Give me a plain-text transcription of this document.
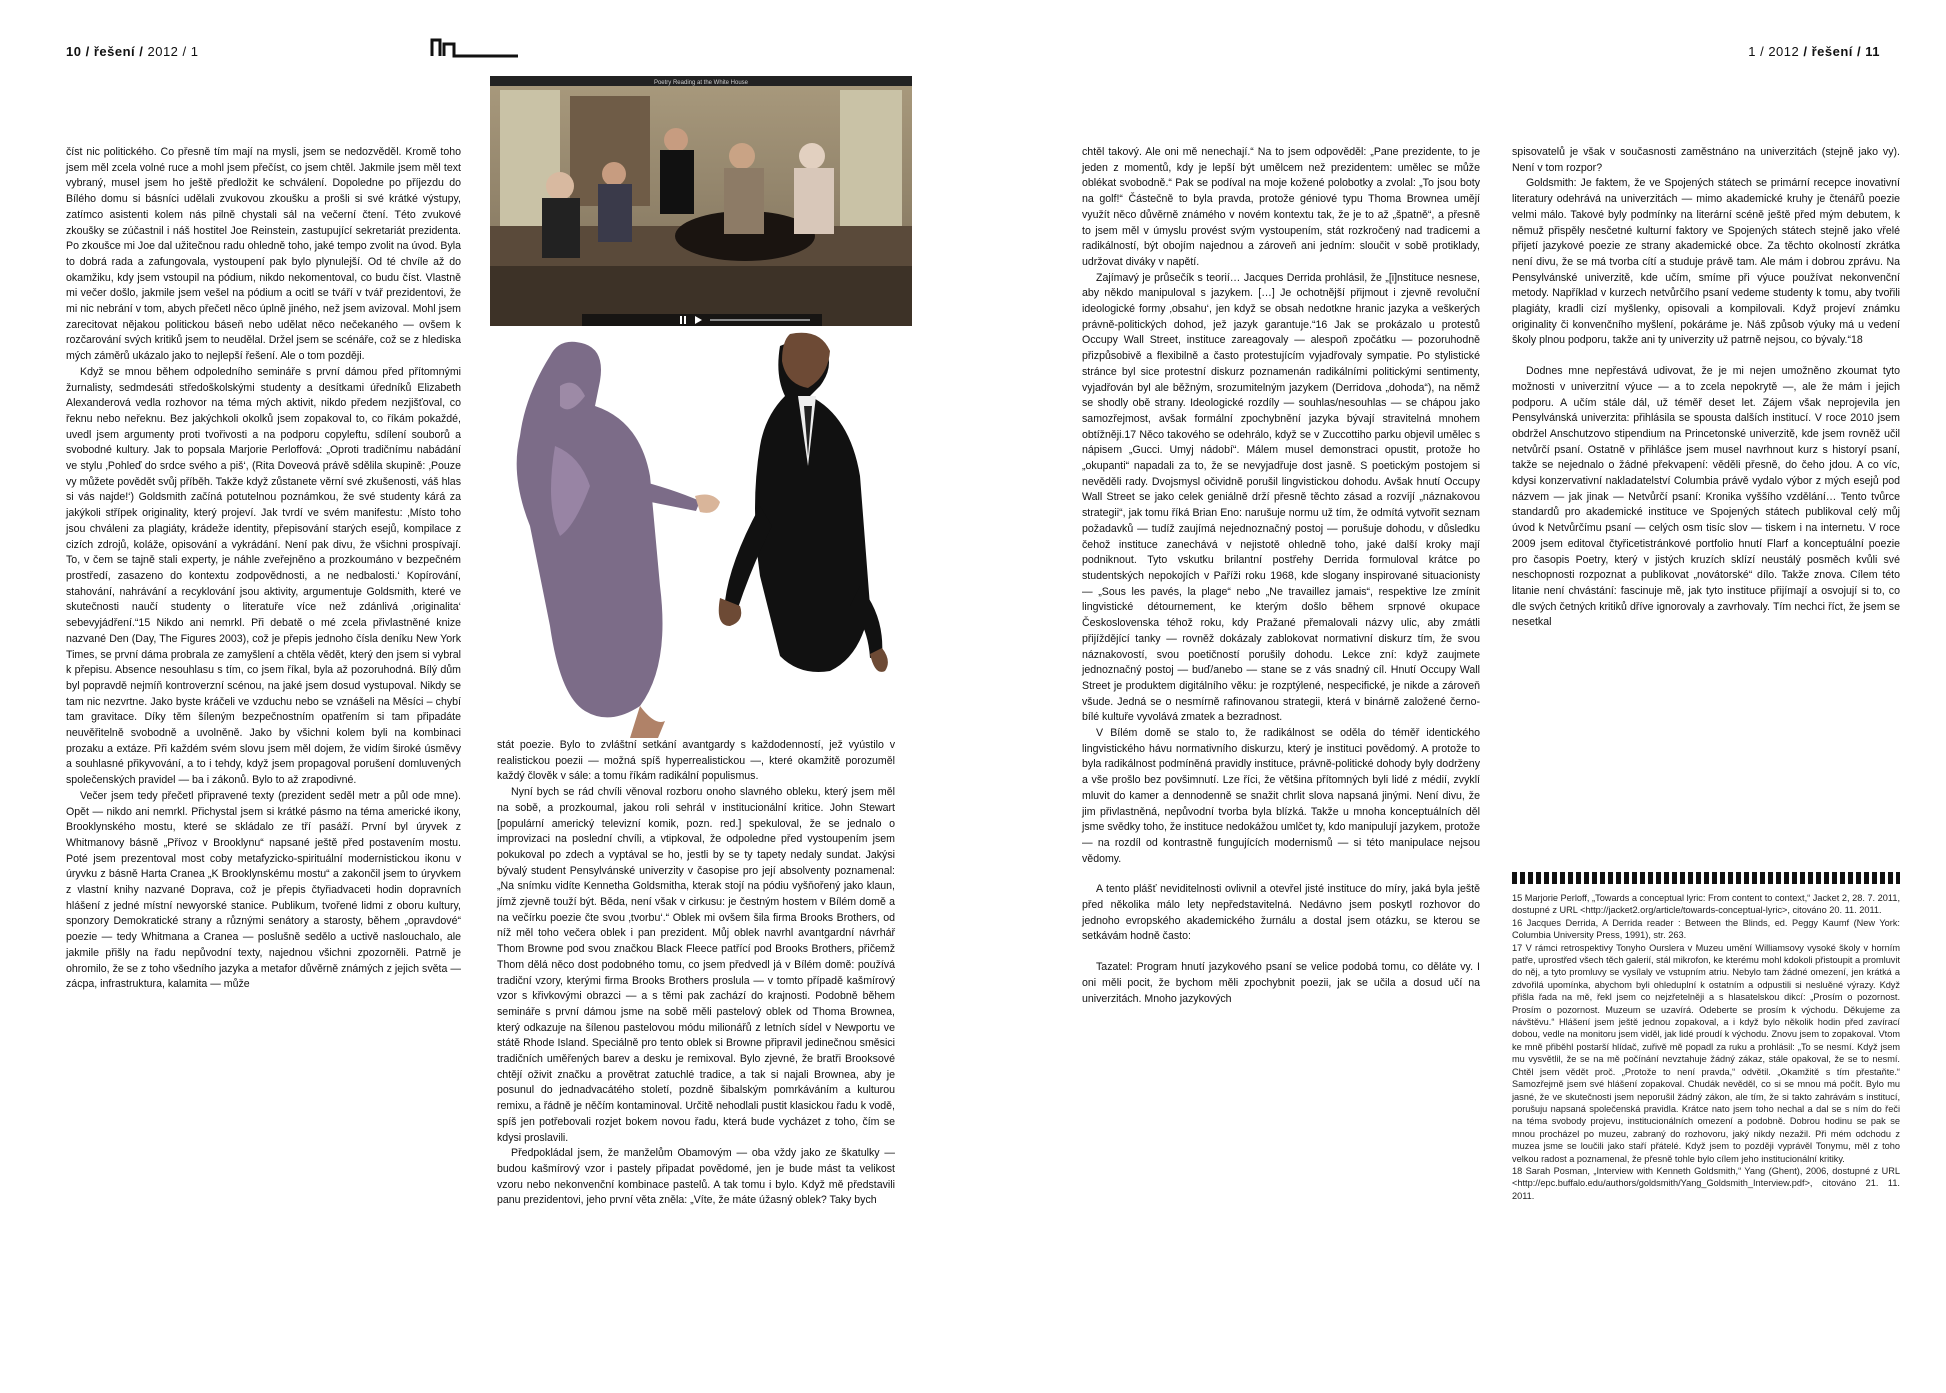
10 / řešení / 2012 / 1	1 / 2012 / řešení / 11
Poetry Reading at the White House

číst nic politického. Co přesně tím mají na mysli, jsem se nedozvěděl. Kromě toho jsem měl zcela volné ruce a mohl jsem přečíst, co jsem chtěl. Jakmile jsem měl text vybraný, musel jsem ho ještě předložit ke schválení. Dopoledne po příjezdu do Bílého domu si básníci udělali zvukovou zkoušku a prošli si své krátké výstupy, zatímco asistenti kolem nás pilně chystali sál na večerní čtení. Této zvukové zkoušky se zúčastnil i náš hostitel Joe Reinstein, zastupující sekretariát prezidenta. Po zkoušce mi Joe dal užitečnou radu ohledně toho, jaké tempo zvolit na úvod. Byla to dobrá rada a zafungovala, vystoupení pak bylo plynulejší. Od té chvíle až do okamžiku, kdy jsem vstoupil na pódium, nikdo nekomentoval, co budu číst. Vlastně mi večer došlo, jakmile jsem vešel na pódium a ocitl se tváří v tvář prezidentovi, že mi nic nebrání v tom, abych přečetl něco úplně jiného, než jsem avizoval. Mohl jsem zarecitovat nějakou politickou báseň nebo udělat něco nečekaného — ovšem k rozčarování svých kritiků jsem to neudělal. Držel jsem se scénáře, což se z hlediska mých záměrů ukázalo jako to nejlepší řešení. Ale o tom později.

Když se mnou během odpoledního semináře s první dámou před přítomnými žurnalisty, sedmdesáti středoškolskými studenty a desítkami úředníků Elizabeth Alexanderová vedla rozhovor na téma mých aktivit, nikdo předem nezjišťoval, co řeknu nebo neřeknu. Bez jakýchkoli okolků jsem zopakoval to, co říkám pokaždé, uvedl jsem argumenty proti tvořivosti a na podporu copyleftu, sdílení souborů a svobodné kultury. Jak to popsala Marjorie Perloffová: „Oproti tradičnímu nabádání ve stylu ‚Pohleď do srdce svého a piš‘, (Rita Doveová právě sdělila skupině: ‚Pouze vy můžete povědět svůj příběh. Takže když zůstanete věrní své zkušenosti, váš hlas si vás najde!‘) Goldsmith začíná potutelnou poznámkou, že své studenty kárá za jakýkoli střípek originality, který projeví. Jak tvrdí ve svém manifestu: ‚Místo toho jsou chváleni za plagiáty, krádeže identity, přepisování starých esejů, kompilace z cizích zdrojů, koláže, opisování a vykrádání. Není pak divu, že všichni prospívají. To, v čem se tajně stali experty, je náhle zveřejněno a prozkoumáno v bezpečném prostředí, zasazeno do kontextu zodpovědnosti, a ne nedbalosti.‘ Kopírování, stahování, nahrávání a recyklování jsou aktivity, argumentuje Goldsmith, které ve skutečnosti naučí studenty o literatuře více než zdánlivá ‚originalita‘ sebevyjádření.“15 Nikdo ani nemrkl. Při debatě o mé zcela přivlastněné knize nazvané Den (Day, The Figures 2003), což je přepis jednoho čísla deníku New York Times, se první dáma probrala ze zamyšlení a chtěla vědět, který den jsem si vybral k přepisu. Absence nesouhlasu s tím, co jsem říkal, byla až pozoruhodná. Bílý dům byl popravdě nejmíň kontroverzní scénou, na jaké jsem dosud vystupoval. Nikdy se tam nic nezvrtne. Jako byste kráčeli ve vzduchu nebo se vznášeli na Měsíci – chybí tam gravitace. Díky těm šíleným bezpečnostním opatřením si tam připadáte neuvěřitelně svobodně a uvolněně. Jako by všichni kolem byli na kombinaci prozaku a extáze. Při každém svém slovu jsem měl dojem, že vidím široké úsměvy a souhlasné přikyvování, a to i tehdy, když jsem propagoval porušení domluvených společenských pravidel — ba i zákonů. Bylo to až zrapodivné.

Večer jsem tedy přečetl připravené texty (prezident seděl metr a půl ode mne). Opět — nikdo ani nemrkl. Přichystal jsem si krátké pásmo na téma americké ikony, Brooklynského mostu, které se skládalo ze tří pasáží. První byl úryvek z Whitmanovy básně „Přívoz v Brooklynu“ napsané ještě před postavením mostu. Poté jsem prezentoval most coby metafyzicko-spirituální modernistickou ikonu v úryvku z básně Harta Cranea „K Brooklynskému mostu“ a zakončil jsem to úryvkem z vlastní knihy nazvané Doprava, což je přepis čtyřiadvaceti hodin dopravních hlášení z jedné místní newyorské stanice. Publikum, tvořené lidmi z oboru kultury, sponzory Demokratické strany a různými senátory a starosty, během „opravdové“ poezie — tedy Whitmana a Cranea — poslušně sedělo a uctivě naslouchalo, ale jakmile přišly na řadu nepůvodní texty, najednou všichni zpozorněli. Patrně je ohromilo, že se z toho všedního jazyka a metafor důvěrně známých z jejich světa — zácpa, infrastruktura, kalamita — může

stát poezie. Bylo to zvláštní setkání avantgardy s každodenností, jež vyústilo v realistickou poezii — možná spíš hyperrealistickou —, které okamžitě porozuměl každý člověk v sále: a tomu říkám radikální populismus.

Nyní bych se rád chvíli věnoval rozboru onoho slavného obleku, který jsem měl na sobě, a prozkoumal, jakou roli sehrál v institucionální kritice. John Stewart [populární americký televizní komik, pozn. red.] spekuloval, že se jednalo o improvizaci na poslední chvíli, a vtipkoval, že odpoledne před vystoupením jsem pokukoval po zdech a vyptával se ho, jestli by se ty tapety nedaly sundat. Jakýsi bývalý student Pensylvánské univerzity v časopise pro její absolventy poznamenal: „Na snímku vidíte Kennetha Goldsmitha, kterak stojí na pódiu vyšňořený jako klaun, jímž zjevně touží být. Běda, není však v cirkusu: je čestným hostem v Bílém domě a na večírku poezie čte svou ‚tvorbu‘.“ Oblek mi ovšem šila firma Brooks Brothers, od níž měl toho večera oblek i pan prezident. Můj oblek navrhl avantgardní návrhář Thom Browne pod svou značkou Black Fleece patřící pod Brooks Brothers, přičemž Thom dělá něco dost podobného tomu, co jsem předvedl já v Bílém domě: používá tradiční vzory, kterými firma Brooks Brothers proslula — v tomto případě kašmírový vzor s křivkovými obrazci — a s těmi pak zachází do krajnosti. Podobně během semináře s první dámou jsme na sobě měli pastelový oblek od Thoma Brownea, který odkazuje na šílenou pastelovou módu milionářů z letních sídel v Newportu ve státě Rhode Island. Speciálně pro tento oblek si Browne připravil jedinečnou směsici tradičních uměřených barev a desku je remixoval. Bylo zjevné, že bratři Brooksové chtějí oživit značku a provětrat zatuchlé tradice, a tak si najali Brownea, aby je posunul do jednadvacátého století, pozdně šibalským pomrkáváním a kulturou remixu, a řádně je něčím kontaminoval. Určitě nehodlali pustit klasickou řadu k vodě, spíš jen potřebovali rozjet bokem novou řadu, která bude vycházet z toho, čím se kdysi proslavili.

Předpokládal jsem, že manželům Obamovým — oba vždy jako ze škatulky — budou kašmírový vzor i pastely připadat povědomé, jen je bude mást ta velikost vzoru nebo nekonvenční kombinace pastelů. A tak tomu i bylo. Když mě představili panu prezidentovi, jeho první věta zněla: „Víte, že máte úžasný oblek? Taky bych

chtěl takový. Ale oni mě nenechají.“ Na to jsem odpověděl: „Pane prezidente, to je jeden z momentů, kdy je lepší být umělcem než prezidentem: umělec se může oblékat svobodně.“ Pak se podíval na moje kožené polobotky a zvolal: „To jsou boty na golf!“ Částečně to byla pravda, protože géniové typu Thoma Brownea umějí využít něco důvěrně známého v novém kontextu tak, že je to až „špatně“, a přesně to jsem měl v úmyslu provést svým vystoupením, stát rozkročený nad tradicemi a radikálností, být obojím najednou a zároveň ani jedním: sloučit v sobě protiklady, udržovat diváky v napětí.

Zajímavý je průsečík s teorií… Jacques Derrida prohlásil, že „[i]nstituce nesnese, aby někdo manipuloval s jazykem. […] Je ochotnější přijmout i zjevně revoluční ideologické formy ‚obsahu‘, jen když se obsah nedotkne hranic jazyka a veškerých právně-politických dohod, jež jazyk garantuje.“16 Jak se prokázalo u protestů Occupy Wall Street, instituce zareagovaly — alespoň zpočátku — pozoruhodně přizpůsobivě a flexibilně a často protestujícím vyjadřovaly sympatie. Po stylistické stránce byl sice protestní diskurz poznamenán radikálními politickými sentimenty, vyjadřován byl ale běžným, srozumitelným jazykem (Derridova „dohoda“), na němž se shodly obě strany. Ideologické rozdíly — souhlas/nesouhlas — se chápou jako samozřejmost, avšak formální zpochybnění jazyka bývají stravitelná mnohem obtížněji.17 Něco takového se odehrálo, když se v Zuccottiho parku objevil umělec s nápisem „Gucci. Umyj nádobí“. Málem musel demonstraci opustit, protože ho „okupanti“ napadali za to, že se nevyjadřuje dost jasně. S poetickým postojem si nevěděli rady. Dvojsmysl očividně porušil lingvistickou dohodu. Avšak hnutí Occupy Wall Street se jako celek geniálně drží přesně těchto zásad a rozvíjí „náznakovou strategii“, jak tomu říká Brian Eno: narušuje normu už tím, že odmítá vytvořit seznam požadavků — tudíž zaujímá nejednoznačný postoj — porušuje dohodu, v důsledku čehož instituce zanechává v nejistotě ohledně toho, jaké další kroky mají podniknout. Tyto vskutku brilantní postřehy Derrida formuloval krátce po studentských nepokojích v Paříži roku 1968, kde slogany inspirované situacionisty — „Sous les pavés, la plage“ nebo „Ne travaillez jamais“, respektive lze zmínit lingvistické détournement, ke kterým došlo během srpnové okupace Československa téhož roku, kdy Pražané přemalovali názvy ulic, aby zmátli přijíždějící tanky — rovněž dokázaly zablokovat normativní diskurz tím, že svou náznakovostí, svou poetičností porušily dohodu. Lekce zní: když zaujmete jednoznačný postoj — buď/anebo — stane se z vás snadný cíl. Hnutí Occupy Wall Street je produktem digitálního věku: je rozptýlené, nespecifické, je nikde a zároveň všude. Jedná se o nesmírně rafinovanou strategii, která v binárně založené černo-bílé kultuře vyvolává zmatek a bezradnost.

V Bílém domě se stalo to, že radikálnost se oděla do téměř identického lingvistického hávu normativního diskurzu, který je instituci povědomý. A protože to byla radikálnost podmíněná pravidly instituce, právně-politické dohody byly dodrženy a vše prošlo bez povšimnutí. Lze říci, že většina přítomných byli lidé z médií, zvyklí mluvit do kamer a dennodenně se snažit chrlit slova napsaná jinými. Není divu, že jim přivlastněná, nepůvodní tvorba byla blízká. Takže u mnoha konceptuálních děl jsme svědky toho, že instituce nedokážou umlčet ty, kdo manipulují jazykem, protože — na rozdíl od kontrastně fungujících modernismů — si této manipulace nejsou vědomy.

A tento plášť neviditelnosti ovlivnil a otevřel jisté instituce do míry, jaká byla ještě před několika málo lety nepředstavitelná. Nedávno jsem poskytl rozhovor do jednoho evropského akademického žurnálu a dostal jsem otázku, se kterou se setkávám hodně často:

Tazatel: Program hnutí jazykového psaní se velice podobá tomu, co děláte vy. I oni měli pocit, že bychom měli zpochybnit poezii, jak se učila a dosud učí na univerzitách. Mnoho jazykových

spisovatelů je však v současnosti zaměstnáno na univerzitách (stejně jako vy). Není v tom rozpor?

Goldsmith: Je faktem, že ve Spojených státech se primární recepce inovativní literatury odehrává na univerzitách — mimo akademické kruhy je čtenářů poezie velmi málo. Takové byly podmínky na literární scéně ještě před mým debutem, k němuž přispěly nesčetné kulturní faktory ve Spojených státech stejně jako vřelé přijetí jazykové poezie ze strany akademické obce. Za těchto okolností zkrátka není divu, že se má tvorba cítí a studuje právě tam. Ale mám i dobrou zprávu. Na Pensylvánské univerzitě, kde učím, smíme při výuce používat nekonvenční metody. Například v kurzech netvůrčího psaní vedeme studenty k tomu, aby tvořili plagiáty, kradli cizí myšlenky, opisovali a kompilovali. Když projeví známku originality či konvenčního myšlení, pokáráme je. Náš způsob výuky má u vedení školy plnou podporu, takže ani ty univerzity už patrně nejsou, co bývaly.“18

Dodnes mne nepřestává udivovat, že je mi nejen umožněno zkoumat tyto možnosti v univerzitní výuce — a to zcela nepokrytě —, ale že mám i jejich podporu. A učím stále dál, už téměř deset let. Zájem však neprojevila jen Pensylvánská univerzita: přihlásila se spousta dalších institucí. V roce 2010 jsem obdržel Anschutzovo stipendium na Princetonské univerzitě, kde jsem rovněž učil netvůrčí psaní. Ostatně v přihlášce jsem musel navrhnout kurz s historyí psaní, takže se nejednalo o žádné překvapení: věděli přesně, do čeho jdou. A co víc, kdysi konzervativní nakladatelství Columbia právě vydalo výbor z mých esejů pod názvem — jak jinak — Netvůrčí psaní: Kronika vyššího vzdělání… Tento tvůrce standardů pro akademické instituce ve Spojených státech publikoval celý můj úvod k Netvůrčímu psaní — celých osm tisíc slov — tiskem i na internetu. V roce 2009 jsem editoval čtyřicetistránkové portfolio hnutí Flarf a konceptuální poezie pro časopis Poetry, který v jistých kruzích sklízí neustálý posměch kvůli své neschopnosti rozpoznat a publikovat „novátorské“ dílo. Takže znova. Cílem této litanie není chvástání: fascinuje mě, jak tyto instituce přijímají a osvojují si to, co dle svých četných kritiků dříve ignorovaly a zavrhovaly. Tím nechci říct, že jsem se nesetkal

15 Marjorie Perloff, „Towards a conceptual lyric: From content to context,“ Jacket 2, 28. 7. 2011, dostupné z URL <http://jacket2.org/article/towards-conceptual-lyric>, citováno 20. 11. 2011.

16 Jacques Derrida, A Derrida reader : Between the Blinds, ed. Peggy Kaumf (New York: Columbia University Press, 1991), str. 263.

17 V rámci retrospektivy Tonyho Ourslera v Muzeu umění Williamsovy vysoké školy v horním patře, uprostřed všech těch galerií, stál mikrofon, ke kterému mohl kdokoli přistoupit a promluvit do něj, a tyto promluvy se vysílaly ve vstupním atriu. Nebylo tam žádné omezení, jen krátká a zdvořilá upomínka, abychom byli ohleduplní k ostatním a odpustili si nesluěné výrazy. Když přišla řada na mě, řekl jsem co nejzřetelněji a s hlasatelskou dikcí: „Prosím o pozornost. Prosím o pozornost. Muzeum se uzavírá. Odeberte se prosím k východu. Děkujeme za návštěvu.“ Hlášení jsem ještě jednou zopakoval, a i když bylo několik hodin před zavírací dobou, vedle na monitoru jsem viděl, jak lidé proudí k východu. Znovu jsem to zopakoval. Vtom ke mně přiběhl postarší hlídač, zuřivě mě popadl za ruku a prohlásil: „To se nesmí. Když jsem mu vysvětlil, že se na mě počínání nevztahuje žádný zákaz, stále opakoval, že se to nesmí. Chtěl jsem vědět proč. „Protože to není pravda,“ odvětil. „Okamžitě s tím přestaňte.“ Samozřejmě jsem své hlášení zopakoval. Chudák nevěděl, co si se mnou má počít. Bylo mu jasné, že ve skutečnosti jsem neporušil žádný zákon, ale tím, že si takto zahrávám s institucí, porušuju napsaná společenská pravidla. Krátce nato jsem toho nechal a dal se s ním do řeči na téma svobody projevu, institucionálních omezení a podobně. Dobrou hodinu se pak se mnou procházel po muzeu, zabraný do rozhovoru, jaký nikdy nezažil. Při mém odchodu z muzea jsme se loučili jako staří přátelé. Když jsem to později vyprávěl Tonymu, měl z toho velkou radost a poznamenal, že přesně tohle bylo cílem jeho institucionální kritiky.

18 Sarah Posman, „Interview with Kenneth Goldsmith,“ Yang (Ghent), 2006, dostupné z URL <http://epc.buffalo.edu/authors/goldsmith/Yang_Goldsmith_Interview.pdf>, citováno 21. 11. 2011.
